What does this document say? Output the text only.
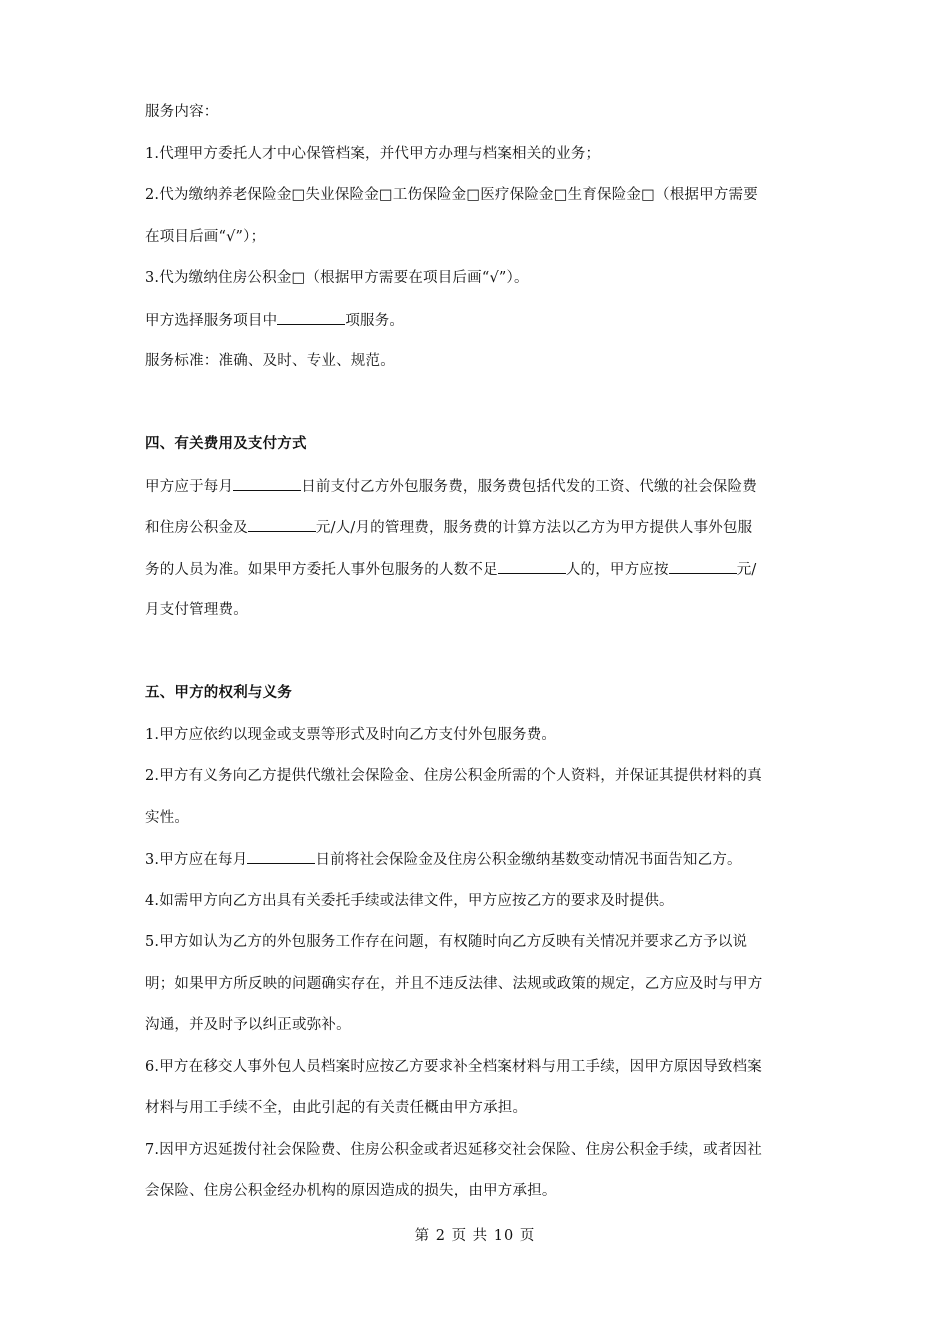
服务内容：
1.代理甲方委托人才中心保管档案，并代甲方办理与档案相关的业务；
2.代为缴纳养老保险金□失业保险金□工伤保险金□医疗保险金□生育保险金□（根据甲方需要
在项目后画“√”）；
3.代为缴纳住房公积金□（根据甲方需要在项目后画“√”）。
甲方选择服务项目中	项服务。
服务标准：准确、及时、专业、规范。
四、有关费用及支付方式
甲方应于每月	日前支付乙方外包服务费，服务费包括代发的工资、代缴的社会保险费
和住房公积金及	元/人/月的管理费，服务费的计算方法以乙方为甲方提供人事外包服
务的人员为准。如果甲方委托人事外包服务的人数不足	人的，甲方应按	元/
月支付管理费。
五、甲方的权利与义务
1.甲方应依约以现金或支票等形式及时向乙方支付外包服务费。
2.甲方有义务向乙方提供代缴社会保险金、住房公积金所需的个人资料，并保证其提供材料的真
实性。
3.甲方应在每月	日前将社会保险金及住房公积金缴纳基数变动情况书面告知乙方。
4.如需甲方向乙方出具有关委托手续或法律文件，甲方应按乙方的要求及时提供。
5.甲方如认为乙方的外包服务工作存在问题，有权随时向乙方反映有关情况并要求乙方予以说
明；如果甲方所反映的问题确实存在，并且不违反法律、法规或政策的规定，乙方应及时与甲方
沟通，并及时予以纠正或弥补。
6.甲方在移交人事外包人员档案时应按乙方要求补全档案材料与用工手续，因甲方原因导致档案
材料与用工手续不全，由此引起的有关责任概由甲方承担。
7.因甲方迟延拨付社会保险费、住房公积金或者迟延移交社会保险、住房公积金手续，或者因社
会保险、住房公积金经办机构的原因造成的损失，由甲方承担。
第 2 页 共 10 页
